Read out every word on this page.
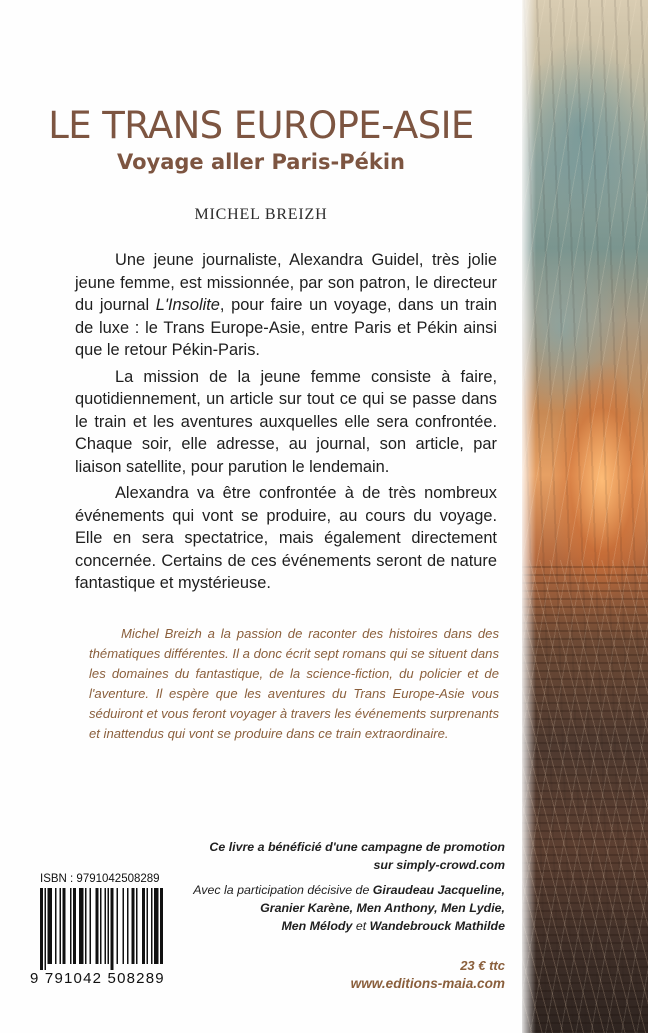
LE TRANS EUROPE-ASIE
Voyage aller Paris-Pékin

MICHEL BREIZH

Une jeune journaliste, Alexandra Guidel, très jolie jeune femme, est missionnée, par son patron, le directeur du journal L'Insolite, pour faire un voyage, dans un train de luxe : le Trans Europe-Asie, entre Paris et Pékin ainsi que le retour Pékin-Paris.

La mission de la jeune femme consiste à faire, quotidiennement, un article sur tout ce qui se passe dans le train et les aventures auxquelles elle sera confrontée. Chaque soir, elle adresse, au journal, son article, par liaison satellite, pour parution le lendemain.

Alexandra va être confrontée à de très nombreux événements qui vont se produire, au cours du voyage. Elle en sera spectatrice, mais également directement concernée. Certains de ces événements seront de nature fantastique et mystérieuse.

Michel Breizh a la passion de raconter des histoires dans des thématiques différentes. Il a donc écrit sept romans qui se situent dans les domaines du fantastique, de la science-fiction, du policier et de l'aventure. Il espère que les aventures du Trans Europe-Asie vous séduiront et vous feront voyager à travers les événements surprenants et inattendus qui vont se produire dans ce train extraordinaire.

Ce livre a bénéficié d'une campagne de promotion
sur simply-crowd.com

Avec la participation décisive de Giraudeau Jacqueline,
Granier Karène, Men Anthony, Men Lydie,
Men Mélody et Wandebrouck Mathilde

23 € ttc

www.editions-maia.com

ISBN : 9791042508289

9 791042 508289
